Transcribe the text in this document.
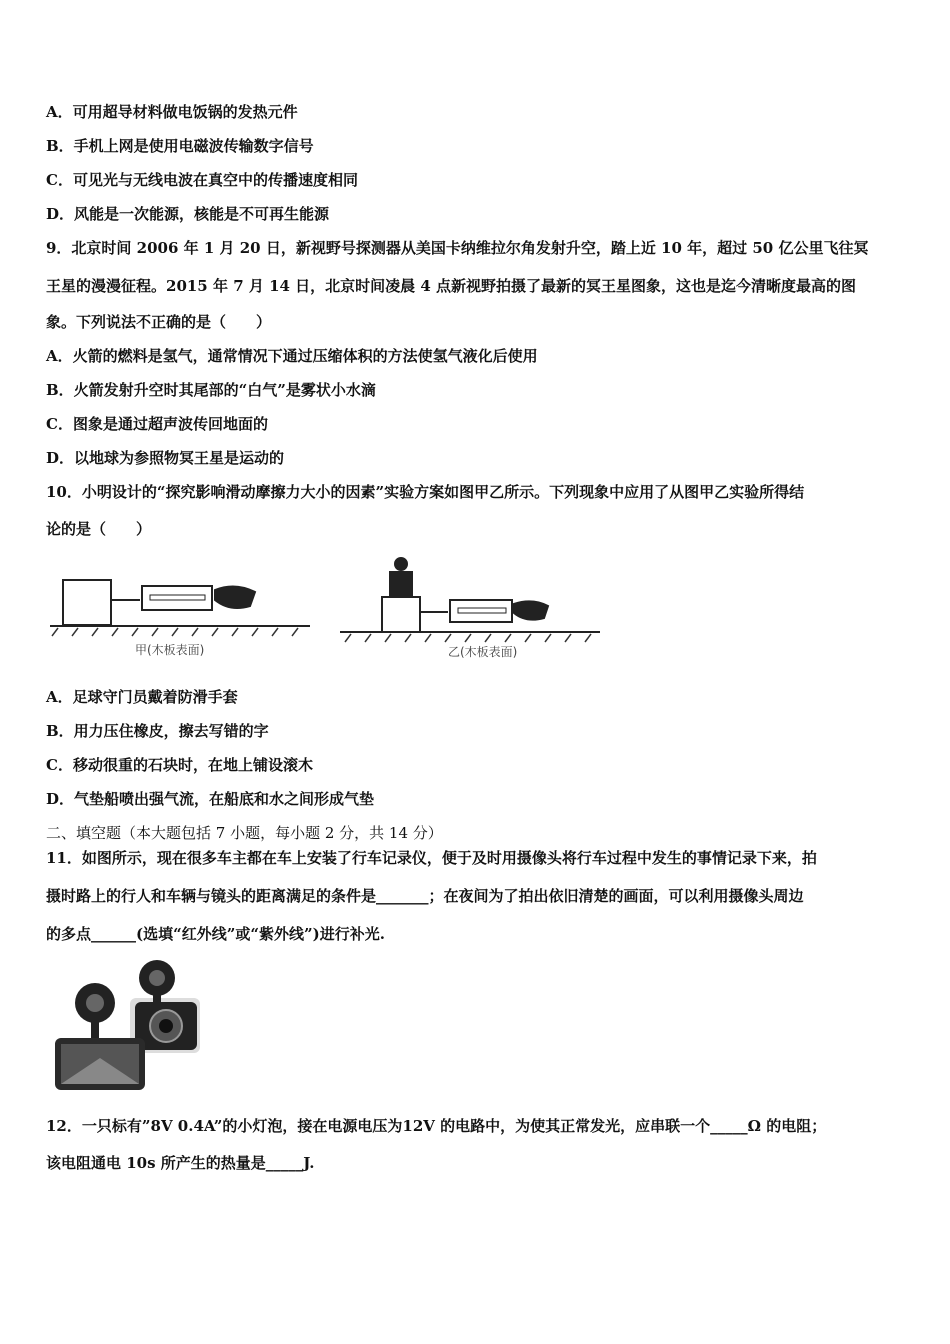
A．可用超导材料做电饭锅的发热元件
B．手机上网是使用电磁波传输数字信号
C．可见光与无线电波在真空中的传播速度相同
D．风能是一次能源，核能是不可再生能源
9．北京时间 2006 年 1 月 20 日，新视野号探测器从美国卡纳维拉尔角发射升空，踏上近 10 年，超过 50 亿公里飞往冥
王星的漫漫征程。2015 年 7 月 14 日，北京时间凌晨 4 点新视野拍摄了最新的冥王星图象，这也是迄今清晰度最高的图
象。下列说法不正确的是（　　）
A．火箭的燃料是氢气，通常情况下通过压缩体积的方法使氢气液化后使用
B．火箭发射升空时其尾部的“白气”是雾状小水滴
C．图象是通过超声波传回地面的
D．以地球为参照物冥王星是运动的
10．小明设计的“探究影响滑动摩擦力大小的因素”实验方案如图甲乙所示。下列现象中应用了从图甲乙实验所得结
论的是（　　）
甲(木板表面)	乙(木板表面)
A．足球守门员戴着防滑手套
B．用力压住橡皮，擦去写错的字
C．移动很重的石块时，在地上铺设滚木
D．气垫船喷出强气流，在船底和水之间形成气垫
二、填空题（本大题包括 7 小题，每小题 2 分，共 14 分）
11．如图所示，现在很多车主都在车上安装了行车记录仪，便于及时用摄像头将行车过程中发生的事情记录下来，拍
摄时路上的行人和车辆与镜头的距离满足的条件是_______；在夜间为了拍出依旧清楚的画面，可以利用摄像头周边
的多点______(选填“红外线”或“紫外线”)进行补光.
12．一只标有”8V 0.4A”的小灯泡，接在电源电压为12V 的电路中，为使其正常发光，应串联一个_____Ω 的电阻；
该电阻通电 10s 所产生的热量是_____J.
